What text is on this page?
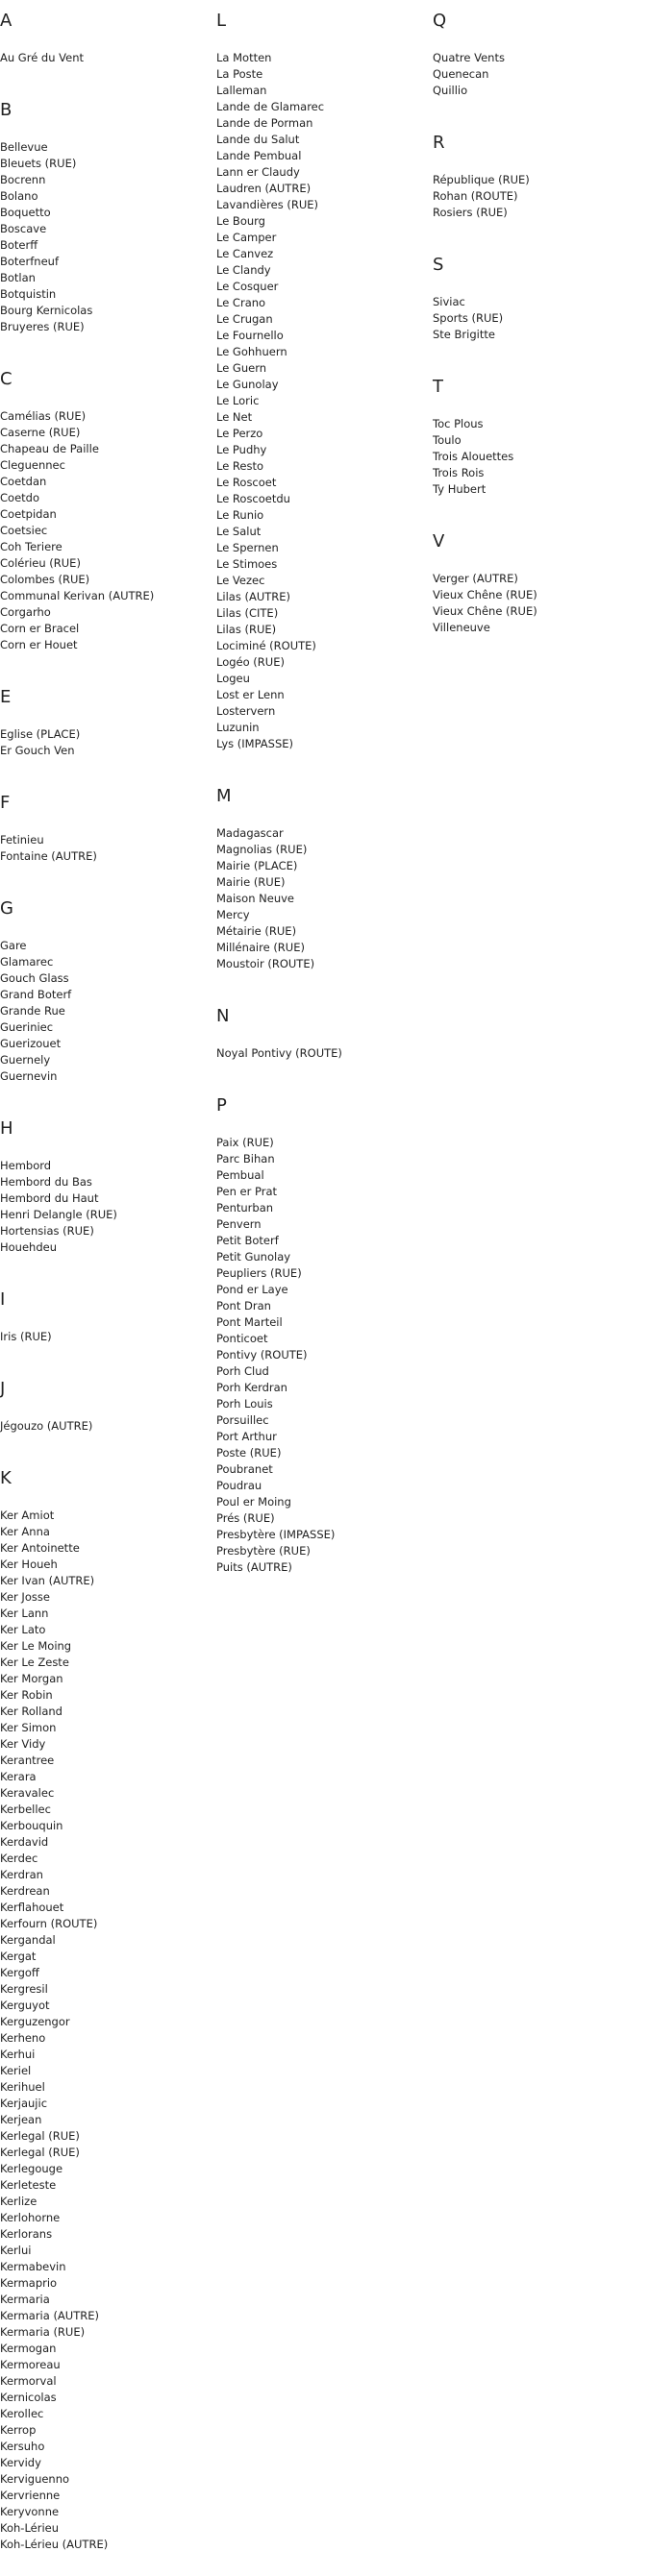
A
Au Gré du Vent
B
Bellevue
Bleuets (RUE)
Bocrenn
Bolano
Boquetto
Boscave
Boterff
Boterfneuf
Botlan
Botquistin
Bourg Kernicolas
Bruyeres (RUE)
C
Camélias (RUE)
Caserne (RUE)
Chapeau de Paille
Cleguennec
Coetdan
Coetdo
Coetpidan
Coetsiec
Coh Teriere
Colérieu (RUE)
Colombes (RUE)
Communal Kerivan (AUTRE)
Corgarho
Corn er Bracel
Corn er Houet
E
Eglise (PLACE)
Er Gouch Ven
F
Fetinieu
Fontaine (AUTRE)
G
Gare
Glamarec
Gouch Glass
Grand Boterf
Grande Rue
Gueriniec
Guerizouet
Guernely
Guernevin
H
Hembord
Hembord du Bas
Hembord du Haut
Henri Delangle (RUE)
Hortensias (RUE)
Houehdeu
I
Iris (RUE)
J
Jégouzo (AUTRE)
K
Ker Amiot
Ker Anna
Ker Antoinette
Ker Houeh
Ker Ivan (AUTRE)
Ker Josse
Ker Lann
Ker Lato
Ker Le Moing
Ker Le Zeste
Ker Morgan
Ker Robin
Ker Rolland
Ker Simon
Ker Vidy
Kerantree
Kerara
Keravalec
Kerbellec
Kerbouquin
Kerdavid
Kerdec
Kerdran
Kerdrean
Kerflahouet
Kerfourn (ROUTE)
Kergandal
Kergat
Kergoff
Kergresil
Kerguyot
Kerguzengor
Kerheno
Kerhui
Keriel
Kerihuel
Kerjaujic
Kerjean
Kerlegal (RUE)
Kerlegal (RUE)
Kerlegouge
Kerleteste
Kerlize
Kerlohorne
Kerlorans
Kerlui
Kermabevin
Kermaprio
Kermaria
Kermaria (AUTRE)
Kermaria (RUE)
Kermogan
Kermoreau
Kermorval
Kernicolas
Kerollec
Kerrop
Kersuho
Kervidy
Kerviguenno
Kervrienne
Keryvonne
Koh-Lérieu
Koh-Lérieu (AUTRE)
L
La Motten
La Poste
Lalleman
Lande de Glamarec
Lande de Porman
Lande du Salut
Lande Pembual
Lann er Claudy
Laudren (AUTRE)
Lavandières (RUE)
Le Bourg
Le Camper
Le Canvez
Le Clandy
Le Cosquer
Le Crano
Le Crugan
Le Fournello
Le Gohhuern
Le Guern
Le Gunolay
Le Loric
Le Net
Le Perzo
Le Pudhy
Le Resto
Le Roscoet
Le Roscoetdu
Le Runio
Le Salut
Le Spernen
Le Stimoes
Le Vezec
Lilas (AUTRE)
Lilas (CITE)
Lilas (RUE)
Lociminé (ROUTE)
Logéo (RUE)
Logeu
Lost er Lenn
Lostervern
Luzunin
Lys (IMPASSE)
M
Madagascar
Magnolias (RUE)
Mairie (PLACE)
Mairie (RUE)
Maison Neuve
Mercy
Métairie (RUE)
Millénaire (RUE)
Moustoir (ROUTE)
N
Noyal Pontivy (ROUTE)
P
Paix (RUE)
Parc Bihan
Pembual
Pen er Prat
Penturban
Penvern
Petit Boterf
Petit Gunolay
Peupliers (RUE)
Pond er Laye
Pont Dran
Pont Marteil
Ponticoet
Pontivy (ROUTE)
Porh Clud
Porh Kerdran
Porh Louis
Porsuillec
Port Arthur
Poste (RUE)
Poubranet
Poudrau
Poul er Moing
Prés (RUE)
Presbytère (IMPASSE)
Presbytère (RUE)
Puits (AUTRE)
Q
Quatre Vents
Quenecan
Quillio
R
République (RUE)
Rohan (ROUTE)
Rosiers (RUE)
S
Siviac
Sports (RUE)
Ste Brigitte
T
Toc Plous
Toulo
Trois Alouettes
Trois Rois
Ty Hubert
V
Verger (AUTRE)
Vieux Chêne (RUE)
Vieux Chêne (RUE)
Villeneuve
